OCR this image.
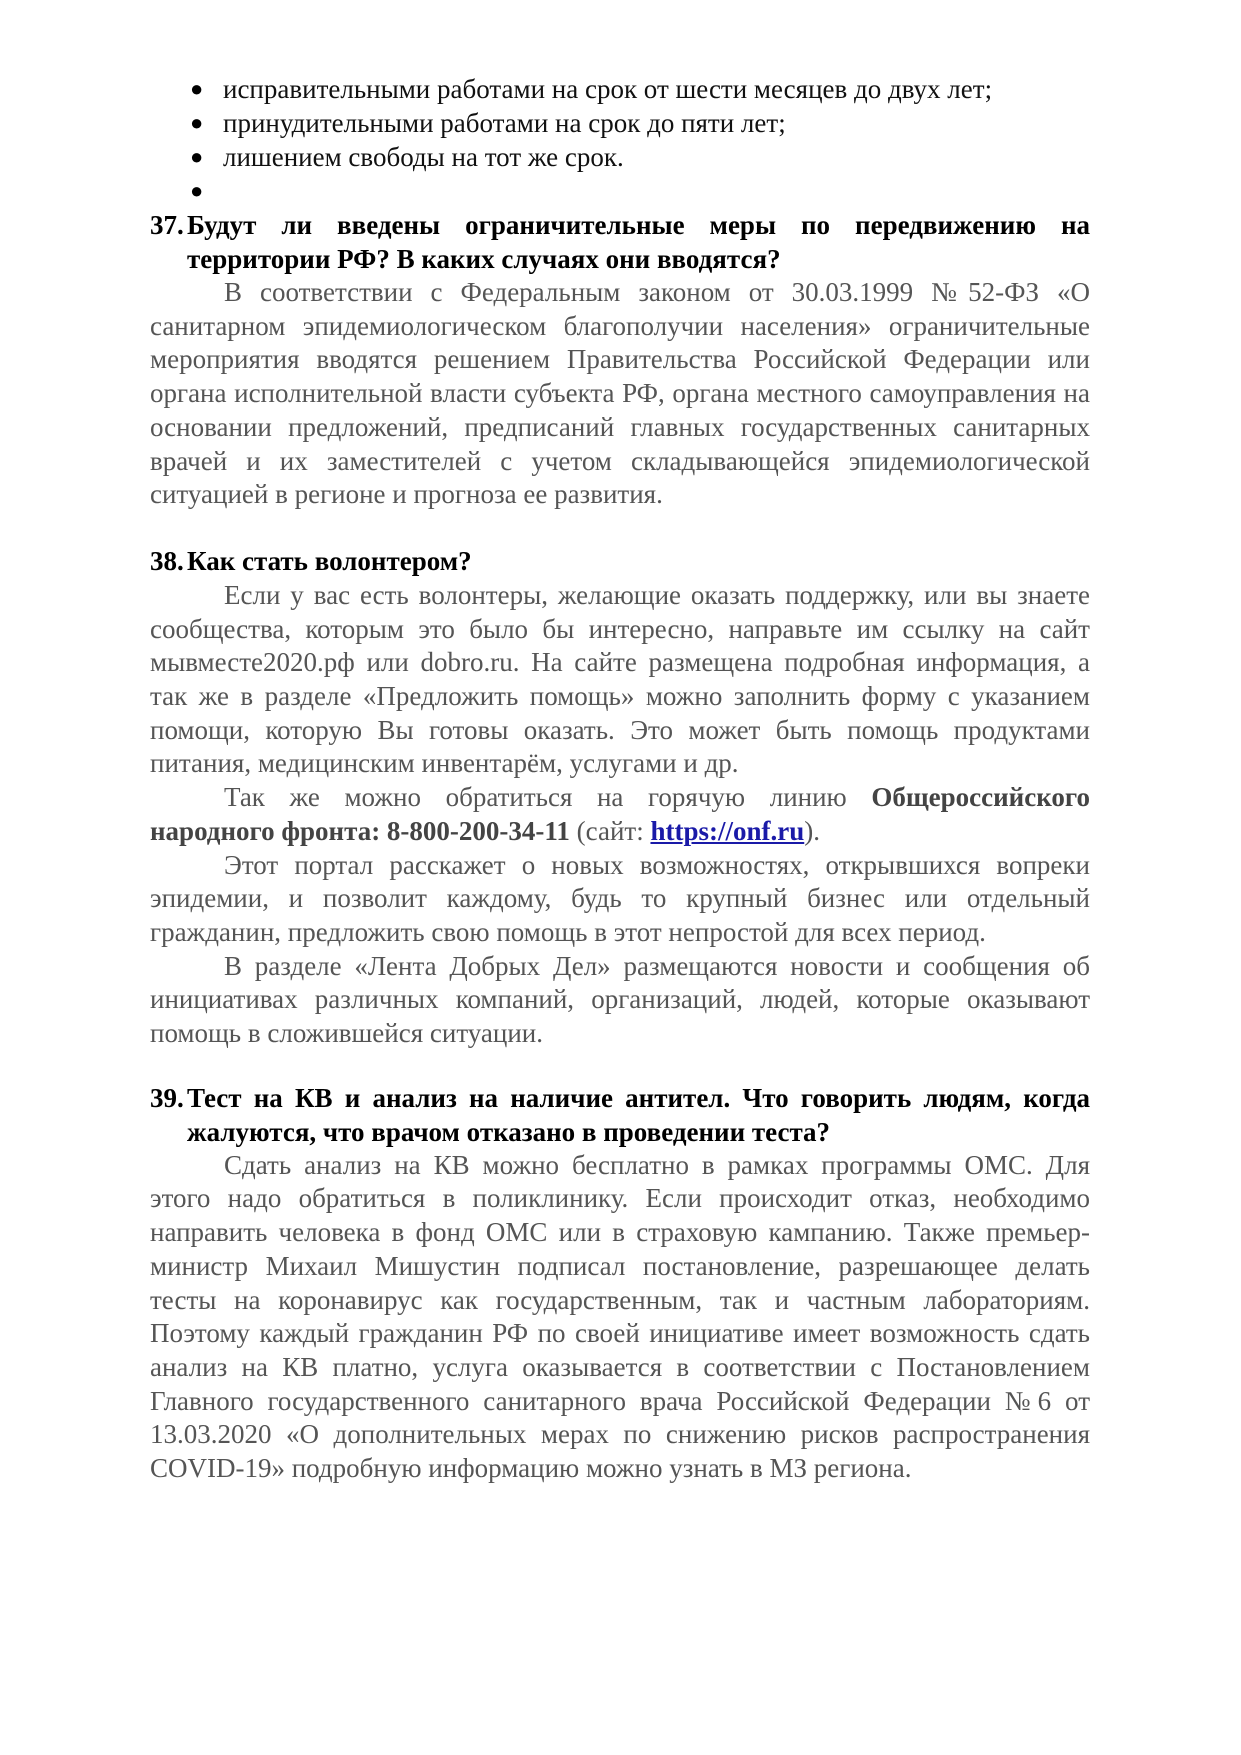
● исправительными работами на срок от шести месяцев до двух лет;
● принудительными работами на срок до пяти лет;
● лишением свободы на тот же срок.
●
37. Будут ли введены ограничительные меры по передвижению на территории РФ? В каких случаях они вводятся?

В соответствии с Федеральным законом от 30.03.1999 №52-ФЗ «О санитарном эпидемиологическом благополучии населения» ограничительные мероприятия вводятся решением Правительства Российской Федерации или органа исполнительной власти субъекта РФ, органа местного самоуправления на основании предложений, предписаний главных государственных санитарных врачей и их заместителей с учетом складывающейся эпидемиологической ситуацией в регионе и прогноза ее развития.

38. Как стать волонтером?

Если у вас есть волонтеры, желающие оказать поддержку, или вы знаете сообщества, которым это было бы интересно, направьте им ссылку на сайт мывместе2020.рф или dobro.ru. На сайте размещена подробная информация, а так же в разделе «Предложить помощь» можно заполнить форму с указанием помощи, которую Вы готовы оказать. Это может быть помощь продуктами питания, медицинским инвентарём, услугами и др.

Так же можно обратиться на горячую линию Общероссийского народного фронта: 8-800-200-34-11 (сайт: https://onf.ru).

Этот портал расскажет о новых возможностях, открывшихся вопреки эпидемии, и позволит каждому, будь то крупный бизнес или отдельный гражданин, предложить свою помощь в этот непростой для всех период.

В разделе «Лента Добрых Дел» размещаются новости и сообщения об инициативах различных компаний, организаций, людей, которые оказывают помощь в сложившейся ситуации.

39. Тест на КВ и анализ на наличие антител. Что говорить людям, когда жалуются, что врачом отказано в проведении теста?

Сдать анализ на КВ можно бесплатно в рамках программы ОМС. Для этого надо обратиться в поликлинику. Если происходит отказ, необходимо направить человека в фонд ОМС или в страховую кампанию. Также премьер-министр Михаил Мишустин подписал постановление, разрешающее делать тесты на коронавирус как государственным, так и частным лабораториям. Поэтому каждый гражданин РФ по своей инициативе имеет возможность сдать анализ на КВ платно, услуга оказывается в соответствии с Постановлением Главного государственного санитарного врача Российской Федерации №6 от 13.03.2020 «О дополнительных мерах по снижению рисков распространения COVID-19» подробную информацию можно узнать в МЗ региона.
